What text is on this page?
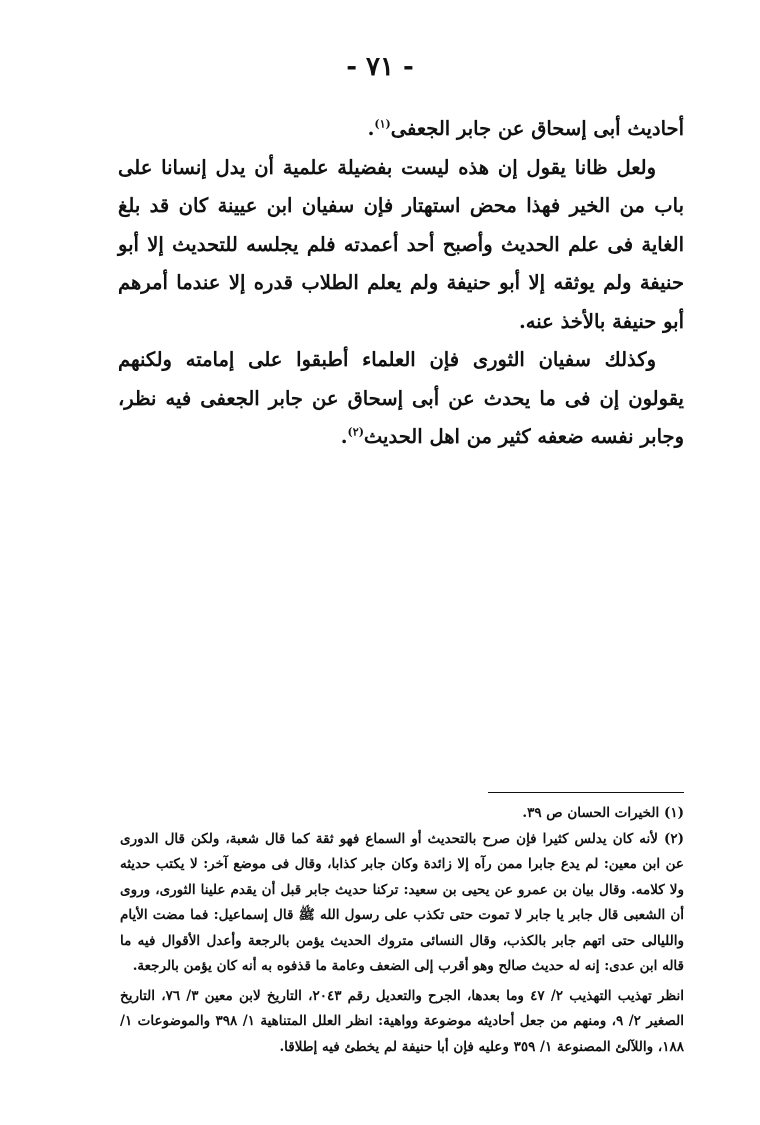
- ٧١ -

أحاديث أبى إسحاق عن جابر الجعفى$^{(١)}$.

ولعل ظانا يقول إن هذه ليست بفضيلة علمية أن يدل إنسانا على باب من الخير فهذا محض استهتار فإن سفيان ابن عيينة كان قد بلغ الغاية فى علم الحديث وأصبح أحد أعمدته فلم يجلسه للتحديث إلا أبو حنيفة ولم يوثقه إلا أبو حنيفة ولم يعلم الطلاب قدره إلا عندما أمرهم أبو حنيفة بالأخذ عنه.

وكذلك سفيان الثورى فإن العلماء أطبقوا على إمامته ولكنهم يقولون إن فى ما يحدث عن أبى إسحاق عن جابر الجعفى فيه نظر، وجابر نفسه ضعفه كثير من اهل الحديث$^{(٢)}$.

(١) الخيرات الحسان ص ٣٩.

(٢) لأنه كان يدلس كثيرا فإن صرح بالتحديث أو السماع فهو ثقة كما قال شعبة، ولكن قال الدورى عن ابن معين: لم يدع جابرا ممن رآه إلا زائدة وكان جابر كذابا، وقال فى موضع آخر: لا يكتب حديثه ولا كلامه. وقال بيان بن عمرو عن يحيى بن سعيد: تركنا حديث جابر قبل أن يقدم علينا الثورى، وروى أن الشعبى قال جابر يا جابر لا تموت حتى تكذب على رسول الله ﷺ قال إسماعيل: فما مضت الأيام والليالى حتى اتهم جابر بالكذب، وقال النسائى متروك الحديث يؤمن بالرجعة وأعدل الأقوال فيه ما قاله ابن عدى: إنه له حديث صالح وهو أقرب إلى الضعف وعامة ما قذفوه به أنه كان يؤمن بالرجعة.

انظر تهذيب التهذيب ٢/ ٤٧ وما بعدها، الجرح والتعديل رقم ٢٠٤٣، التاريخ لابن معين ٣/ ٧٦، التاريخ الصغير ٢/ ٩، ومنهم من جعل أحاديثه موضوعة وواهية: انظر العلل المتناهية ١/ ٣٩٨ والموضوعات ١/ ١٨٨، واللآلئ المصنوعة ١/ ٣٥٩ وعليه فإن أبا حنيفة لم يخطئ فيه إطلاقا.
